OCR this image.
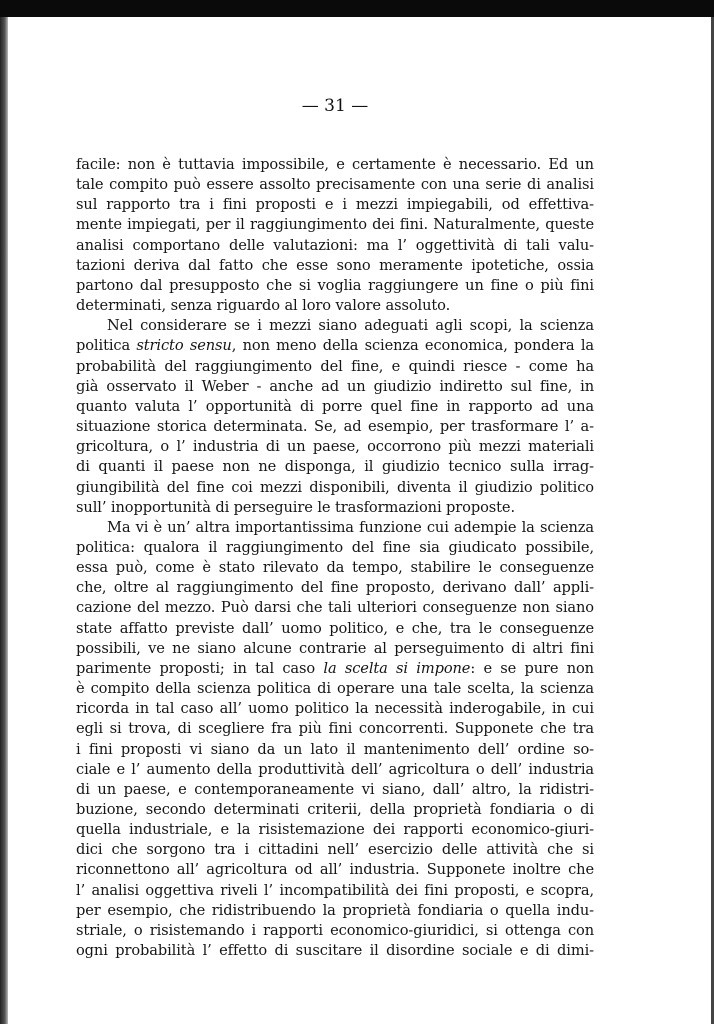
— 31 —
facile: non è tuttavia impossibile, e certamente è necessario. Ed un
tale compito può essere assolto precisamente con una serie di analisi
sul rapporto tra i fini proposti e i mezzi impiegabili, od effettiva-
mente impiegati, per il raggiungimento dei fini. Naturalmente, queste
analisi comportano delle valutazioni: ma l’ oggettività di tali valu-
tazioni deriva dal fatto che esse sono meramente ipotetiche, ossia
partono dal presupposto che si voglia raggiungere un fine o più fini
determinati, senza riguardo al loro valore assoluto.
Nel considerare se i mezzi siano adeguati agli scopi, la scienza
politica stricto sensu, non meno della scienza economica, pondera la
probabilità del raggiungimento del fine, e quindi riesce - come ha
già osservato il Weber - anche ad un giudizio indiretto sul fine, in
quanto valuta l’ opportunità di porre quel fine in rapporto ad una
situazione storica determinata. Se, ad esempio, per trasformare l’ a-
gricoltura, o l’ industria di un paese, occorrono più mezzi materiali
di quanti il paese non ne disponga, il giudizio tecnico sulla irrag-
giungibilità del fine coi mezzi disponibili, diventa il giudizio politico
sull’ inopportunità di perseguire le trasformazioni proposte.
Ma vi è un’ altra importantissima funzione cui adempie la scienza
politica: qualora il raggiungimento del fine sia giudicato possibile,
essa può, come è stato rilevato da tempo, stabilire le conseguenze
che, oltre al raggiungimento del fine proposto, derivano dall’ appli-
cazione del mezzo. Può darsi che tali ulteriori conseguenze non siano
state affatto previste dall’ uomo politico, e che, tra le conseguenze
possibili, ve ne siano alcune contrarie al perseguimento di altri fini
parimente proposti; in tal caso la scelta si impone: e se pure non
è compito della scienza politica di operare una tale scelta, la scienza
ricorda in tal caso all’ uomo politico la necessità inderogabile, in cui
egli si trova, di scegliere fra più fini concorrenti. Supponete che tra
i fini proposti vi siano da un lato il mantenimento dell’ ordine so-
ciale e l’ aumento della produttività dell’ agricoltura o dell’ industria
di un paese, e contemporaneamente vi siano, dall’ altro, la ridistri-
buzione, secondo determinati criterii, della proprietà fondiaria o di
quella industriale, e la risistemazione dei rapporti economico-giuri-
dici che sorgono tra i cittadini nell’ esercizio delle attività che si
riconnettono all’ agricoltura od all’ industria. Supponete inoltre che
l’ analisi oggettiva riveli l’ incompatibilità dei fini proposti, e scopra,
per esempio, che ridistribuendo la proprietà fondiaria o quella indu-
striale, o risistemando i rapporti economico-giuridici, si ottenga con
ogni probabilità l’ effetto di suscitare il disordine sociale e di dimi-
